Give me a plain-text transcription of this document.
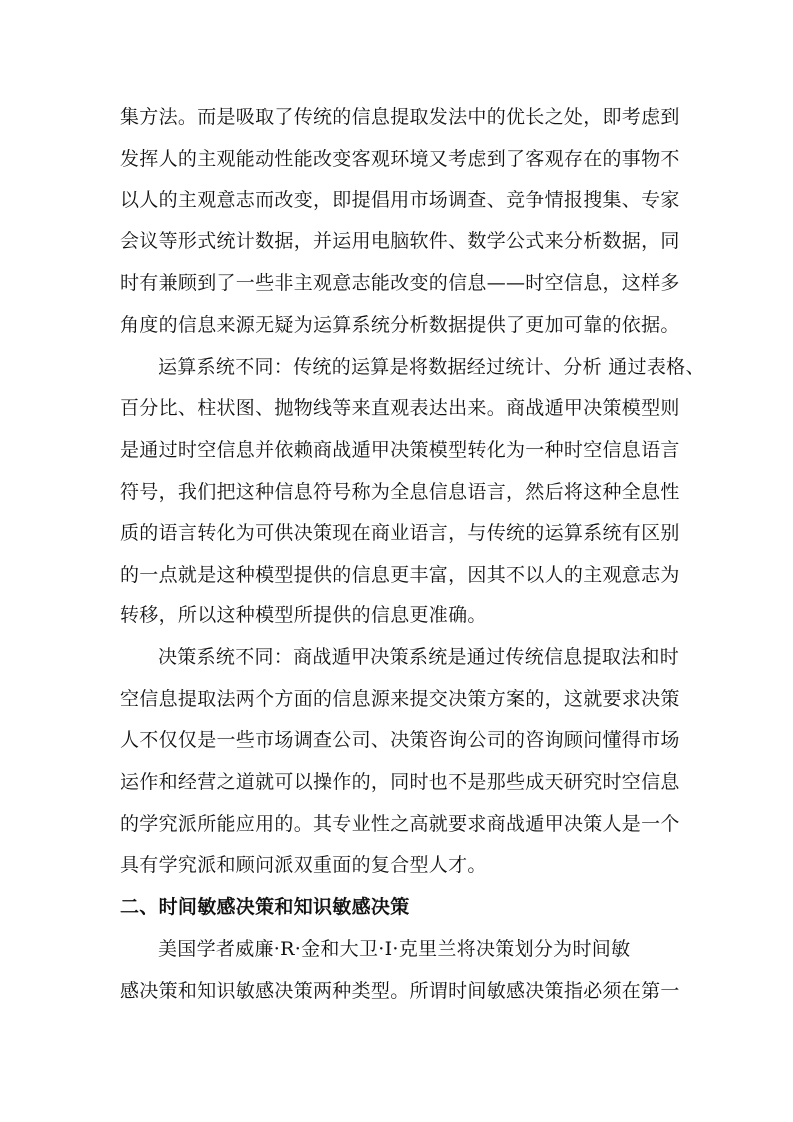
集方法。而是吸取了传统的信息提取发法中的优长之处，即考虑到
发挥人的主观能动性能改变客观环境又考虑到了客观存在的事物不
以人的主观意志而改变，即提倡用市场调查、竞争情报搜集、专家
会议等形式统计数据，并运用电脑软件、数学公式来分析数据，同
时有兼顾到了一些非主观意志能改变的信息——时空信息，这样多
角度的信息来源无疑为运算系统分析数据提供了更加可靠的依据。
运算系统不同：传统的运算是将数据经过统计、分析 通过表格、
百分比、柱状图、抛物线等来直观表达出来。商战遁甲决策模型则
是通过时空信息并依赖商战遁甲决策模型转化为一种时空信息语言
符号，我们把这种信息符号称为全息信息语言，然后将这种全息性
质的语言转化为可供决策现在商业语言，与传统的运算系统有区别
的一点就是这种模型提供的信息更丰富，因其不以人的主观意志为
转移，所以这种模型所提供的信息更准确。
决策系统不同：商战遁甲决策系统是通过传统信息提取法和时
空信息提取法两个方面的信息源来提交决策方案的，这就要求决策
人不仅仅是一些市场调查公司、决策咨询公司的咨询顾问懂得市场
运作和经营之道就可以操作的，同时也不是那些成天研究时空信息
的学究派所能应用的。其专业性之高就要求商战遁甲决策人是一个
具有学究派和顾问派双重面的复合型人才。
二、时间敏感决策和知识敏感决策
美国学者威廉·R·金和大卫·I·克里兰将决策划分为时间敏
感决策和知识敏感决策两种类型。所谓时间敏感决策指必须在第一
